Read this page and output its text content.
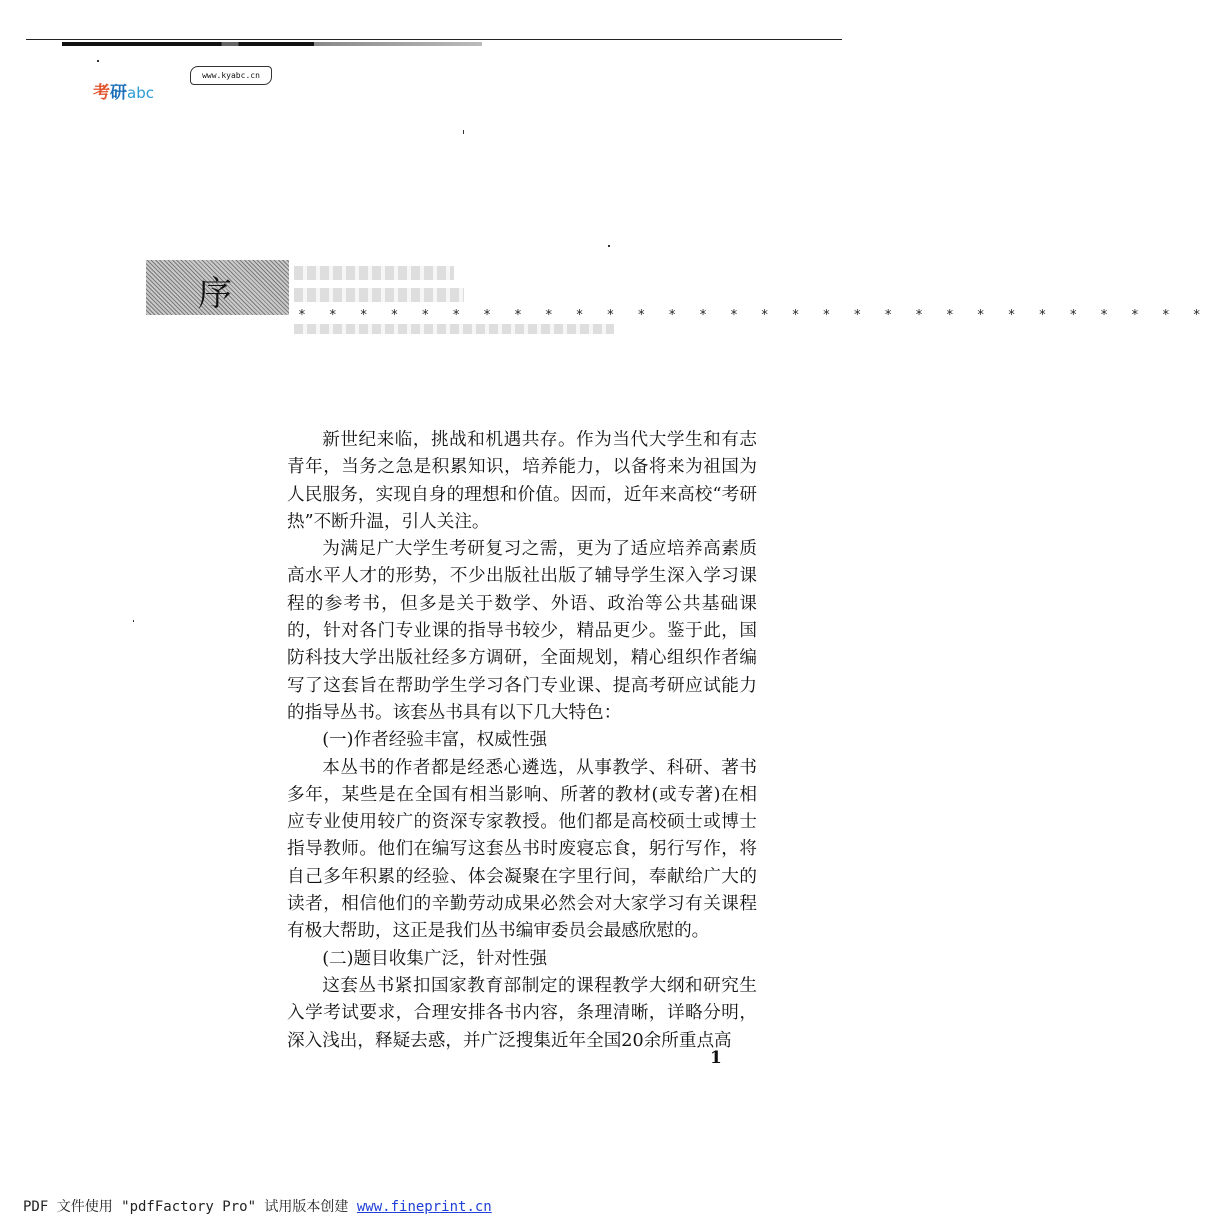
考研abc
www.kyabc.cn
序
* * * * * * * * * * * * * * * * * * * * * * * * * * * * * *

新世纪来临，挑战和机遇共存。作为当代大学生和有志青年，当务之急是积累知识，培养能力，以备将来为祖国为人民服务，实现自身的理想和价值。因而，近年来高校“考研热”不断升温，引人关注。

为满足广大学生考研复习之需，更为了适应培养高素质高水平人才的形势，不少出版社出版了辅导学生深入学习课程的参考书，但多是关于数学、外语、政治等公共基础课的，针对各门专业课的指导书较少，精品更少。鉴于此，国防科技大学出版社经多方调研，全面规划，精心组织作者编写了这套旨在帮助学生学习各门专业课、提高考研应试能力的指导丛书。该套丛书具有以下几大特色：

(一)作者经验丰富，权威性强

本丛书的作者都是经悉心遴选，从事教学、科研、著书多年，某些是在全国有相当影响、所著的教材(或专著)在相应专业使用较广的资深专家教授。他们都是高校硕士或博士指导教师。他们在编写这套丛书时废寝忘食，躬行写作，将自己多年积累的经验、体会凝聚在字里行间，奉献给广大的读者，相信他们的辛勤劳动成果必然会对大家学习有关课程有极大帮助，这正是我们丛书编审委员会最感欣慰的。

(二)题目收集广泛，针对性强

这套丛书紧扣国家教育部制定的课程教学大纲和研究生入学考试要求，合理安排各书内容，条理清晰，详略分明，深入浅出，释疑去惑，并广泛搜集近年全国20余所重点高

1
PDF 文件使用 "pdfFactory Pro" 试用版本创建 www.fineprint.cn
